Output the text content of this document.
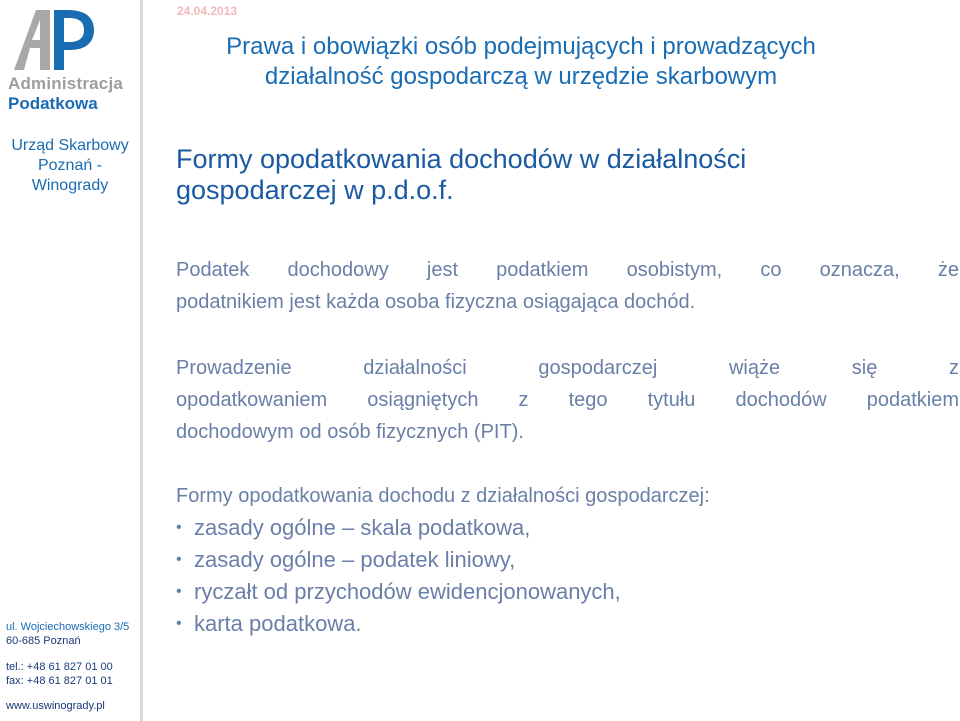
Administracja
Podatkowa
Urząd Skarbowy
Poznań -
Winogrady
ul. Wojciechowskiego 3/5
60-685 Poznań
tel.: +48 61 827 01 00
fax: +48 61 827 01 01
www.uswinogrady.pl
24.04.2013
Prawa i obowiązki osób podejmujących i prowadzących
działalność gospodarczą w urzędzie skarbowym
Formy opodatkowania dochodów w działalności
gospodarczej w p.d.o.f.
Podatek dochodowy jest podatkiem osobistym, co oznacza, że
podatnikiem jest każda osoba fizyczna osiągająca dochód.
Prowadzenie działalności gospodarczej wiąże się z
opodatkowaniem osiągniętych z tego tytułu dochodów podatkiem
dochodowym od osób fizycznych (PIT).
Formy opodatkowania dochodu z działalności gospodarczej:
• zasady ogólne – skala podatkowa,
• zasady ogólne – podatek liniowy,
• ryczałt od przychodów ewidencjonowanych,
• karta podatkowa.
